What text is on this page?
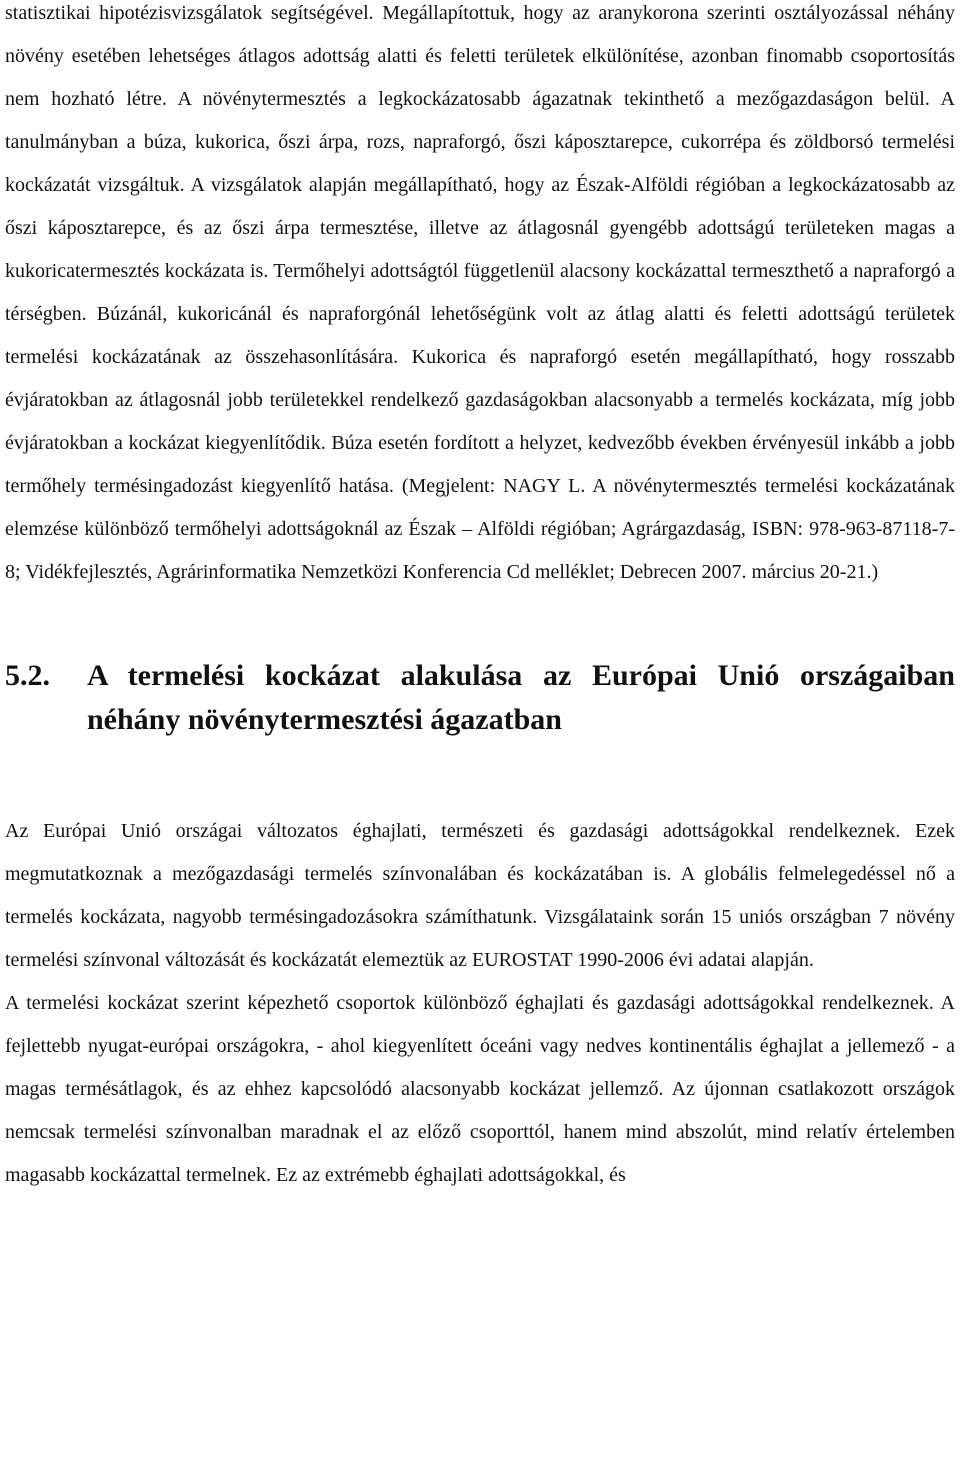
statisztikai hipotézisvizsgálatok segítségével. Megállapítottuk, hogy az aranykorona szerinti osztályozással néhány növény esetében lehetséges átlagos adottság alatti és feletti területek elkülönítése, azonban finomabb csoportosítás nem hozható létre. A növénytermesztés a legkockázatosabb ágazatnak tekinthető a mezőgazdaságon belül. A tanulmányban a búza, kukorica, őszi árpa, rozs, napraforgó, őszi káposztarepce, cukorrépa és zöldborsó termelési kockázatát vizsgáltuk. A vizsgálatok alapján megállapítható, hogy az Észak-Alföldi régióban a legkockázatosabb az őszi káposztarepce, és az őszi árpa termesztése, illetve az átlagosnál gyengébb adottságú területeken magas a kukoricatermesztés kockázata is. Termőhelyi adottságtól függetlenül alacsony kockázattal termeszthető a napraforgó a térségben. Búzánál, kukoricánál és napraforgónál lehetőségünk volt az átlag alatti és feletti adottságú területek termelési kockázatának az összehasonlítására. Kukorica és napraforgó esetén megállapítható, hogy rosszabb évjáratokban az átlagosnál jobb területekkel rendelkező gazdaságokban alacsonyabb a termelés kockázata, míg jobb évjáratokban a kockázat kiegyenlítődik. Búza esetén fordított a helyzet, kedvezőbb években érvényesül inkább a jobb termőhely termésingadozást kiegyenlítő hatása. (Megjelent: NAGY L. A növénytermesztés termelési kockázatának elemzése különböző termőhelyi adottságoknál az Észak – Alföldi régióban; Agrárgazdaság, ISBN: 978-963-87118-7-8; Vidékfejlesztés, Agrárinformatika Nemzetközi Konferencia Cd melléklet; Debrecen 2007. március 20-21.)

5.2. A termelési kockázat alakulása az Európai Unió országaiban néhány növénytermesztési ágazatban

Az Európai Unió országai változatos éghajlati, természeti és gazdasági adottságokkal rendelkeznek. Ezek megmutatkoznak a mezőgazdasági termelés színvonalában és kockázatában is. A globális felmelegedéssel nő a termelés kockázata, nagyobb termésingadozásokra számíthatunk. Vizsgálataink során 15 uniós országban 7 növény termelési színvonal változását és kockázatát elemeztük az EUROSTAT 1990-2006 évi adatai alapján.

A termelési kockázat szerint képezhető csoportok különböző éghajlati és gazdasági adottságokkal rendelkeznek. A fejlettebb nyugat-európai országokra, - ahol kiegyenlített óceáni vagy nedves kontinentális éghajlat a jellemező - a magas termésátlagok, és az ehhez kapcsolódó alacsonyabb kockázat jellemző. Az újonnan csatlakozott országok nemcsak termelési színvonalban maradnak el az előző csoporttól, hanem mind abszolút, mind relatív értelemben magasabb kockázattal termelnek. Ez az extrémebb éghajlati adottságokkal, és
